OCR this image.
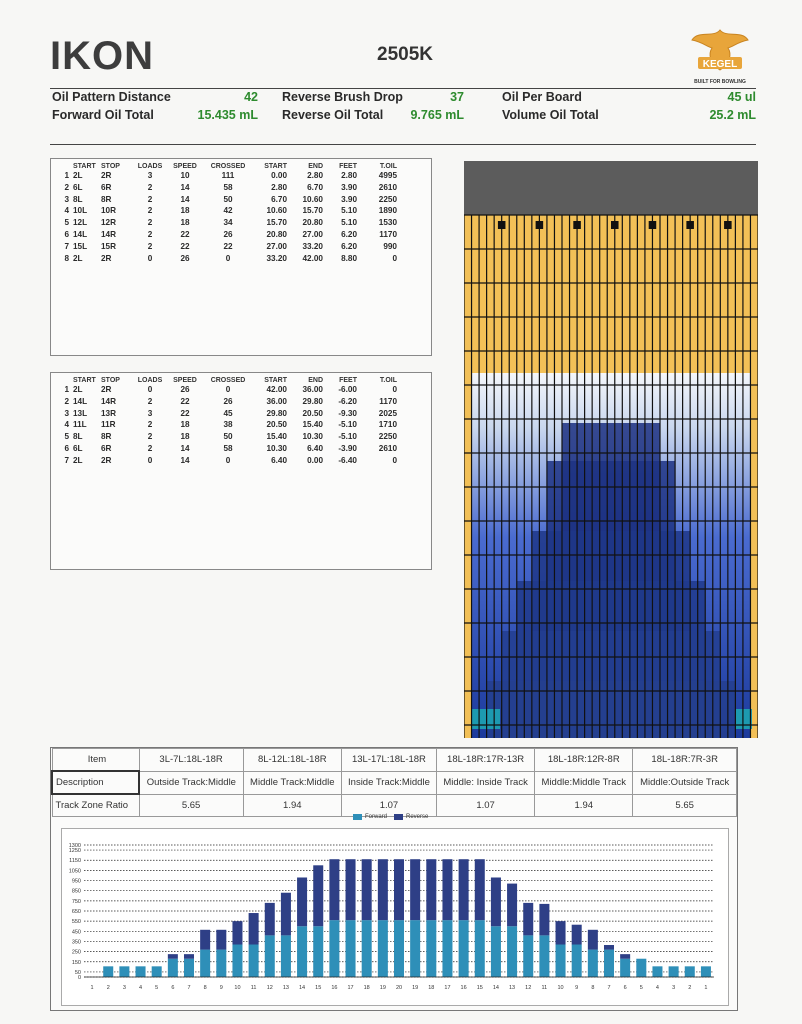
IKON	2505K	KEGEL
BUILT FOR BOWLING
Oil Pattern Distance	42 Reverse Brush Drop	37	Oil Per Board	45 ul
Forward Oil Total	15.435 mL Reverse Oil Total	9.765 mL	Volume Oil Total	25.2 mL
START STOP	LOADS	SPEED	CROSSED	START	END	FEET	T.OIL
1 2L	2R	3	10	111	0.00	2.80	2.80	4995
2 6L	6R	2	14	58	2.80	6.70	3.90	2610
3 8L	8R	2	14	50	6.70	10.60	3.90	2250
4 10L	10R	2	18	42	10.60	15.70	5.10	1890
5 12L	12R	2	18	34	15.70	20.80	5.10	1530
6 14L	14R	2	22	26	20.80	27.00	6.20	1170
7 15L	15R	2	22	22	27.00	33.20	6.20	990
8 2L	2R	0	26	0	33.20	42.00	8.80	0
START STOP	LOADS	SPEED	CROSSED	START	END	FEET	T.OIL
1 2L	2R	0	26	0	42.00	36.00	-6.00	0
2 14L	14R	2	22	26	36.00	29.80	-6.20	1170
3 13L	13R	3	22	45	29.80	20.50	-9.30	2025
4 11L	11R	2	18	38	20.50	15.40	-5.10	1710
5 8L	8R	2	18	50	15.40	10.30	-5.10	2250
6 6L	6R	2	14	58	10.30	6.40	-3.90	2610
7 2L	2R	0	14	0	6.40	0.00	-6.40	0
Item	3L-7L:18L-18R	8L-12L:18L-18R	13L-17L:18L-18R	18L-18R:17R-13R	18L-18R:12R-8R	18L-18R:7R-3R
Description	Outside Track:Middle	Middle Track:Middle	Inside Track:Middle	Middle: Inside Track	Middle:Middle Track	Middle:Outside Track
Track Zone Ratio	5.65	1.94	1.07	1.07	1.94	5.65
Forward	Reverse
0
50
150
250
350
450
550
650
750
850
950
1050
1150
1250
1300
1 2 3 4 5 6 7 8 9 10 11 12 13 14 15 16 17 18 19 20 19 18 17 16 15 14 13 12 11 10 9 8 7 6 5 4 3 2 1
